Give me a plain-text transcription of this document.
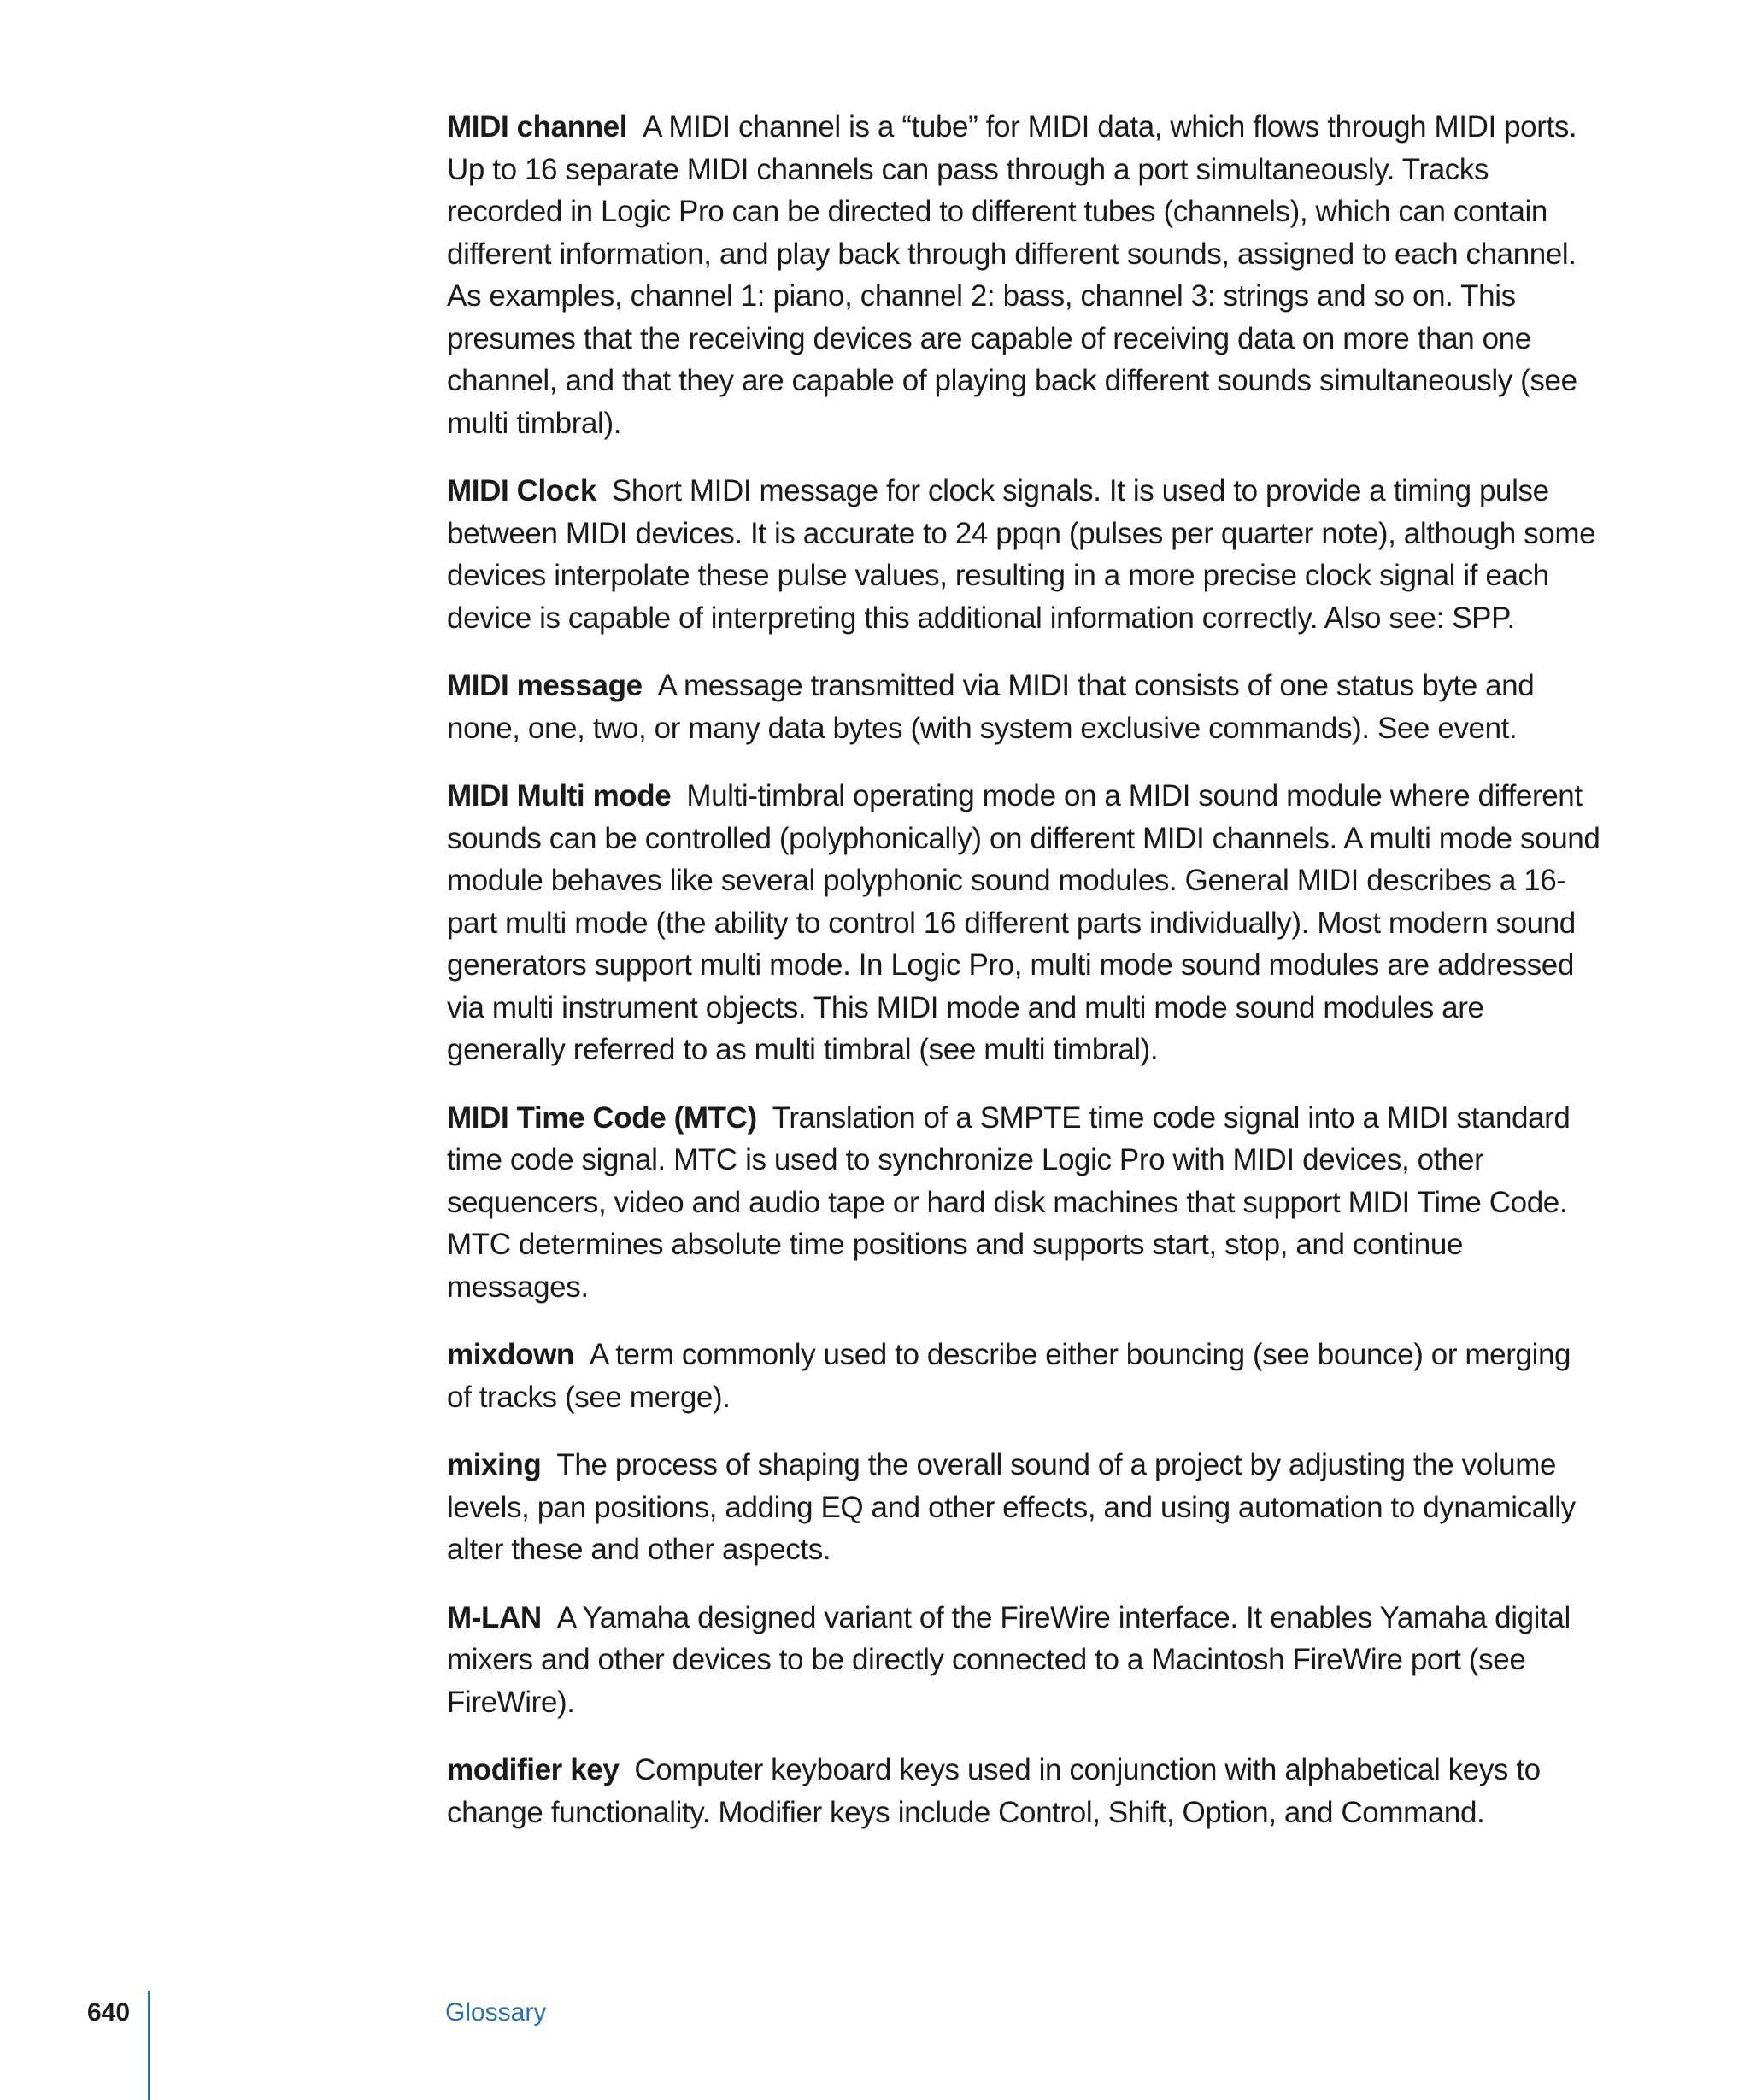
MIDI channel A MIDI channel is a “tube” for MIDI data, which flows through MIDI ports. Up to 16 separate MIDI channels can pass through a port simultaneously. Tracks recorded in Logic Pro can be directed to different tubes (channels), which can contain different information, and play back through different sounds, assigned to each channel. As examples, channel 1: piano, channel 2: bass, channel 3: strings and so on. This presumes that the receiving devices are capable of receiving data on more than one channel, and that they are capable of playing back different sounds simultaneously (see multi timbral).

MIDI Clock Short MIDI message for clock signals. It is used to provide a timing pulse between MIDI devices. It is accurate to 24 ppqn (pulses per quarter note), although some devices interpolate these pulse values, resulting in a more precise clock signal if each device is capable of interpreting this additional information correctly. Also see: SPP.

MIDI message A message transmitted via MIDI that consists of one status byte and none, one, two, or many data bytes (with system exclusive commands). See event.

MIDI Multi mode Multi-timbral operating mode on a MIDI sound module where different sounds can be controlled (polyphonically) on different MIDI channels. A multi mode sound module behaves like several polyphonic sound modules. General MIDI describes a 16-part multi mode (the ability to control 16 different parts individually). Most modern sound generators support multi mode. In Logic Pro, multi mode sound modules are addressed via multi instrument objects. This MIDI mode and multi mode sound modules are generally referred to as multi timbral (see multi timbral).

MIDI Time Code (MTC) Translation of a SMPTE time code signal into a MIDI standard time code signal. MTC is used to synchronize Logic Pro with MIDI devices, other sequencers, video and audio tape or hard disk machines that support MIDI Time Code. MTC determines absolute time positions and supports start, stop, and continue messages.

mixdown A term commonly used to describe either bouncing (see bounce) or merging of tracks (see merge).

mixing The process of shaping the overall sound of a project by adjusting the volume levels, pan positions, adding EQ and other effects, and using automation to dynamically alter these and other aspects.

M-LAN A Yamaha designed variant of the FireWire interface. It enables Yamaha digital mixers and other devices to be directly connected to a Macintosh FireWire port (see FireWire).

modifier key Computer keyboard keys used in conjunction with alphabetical keys to change functionality. Modifier keys include Control, Shift, Option, and Command.

640	Glossary
